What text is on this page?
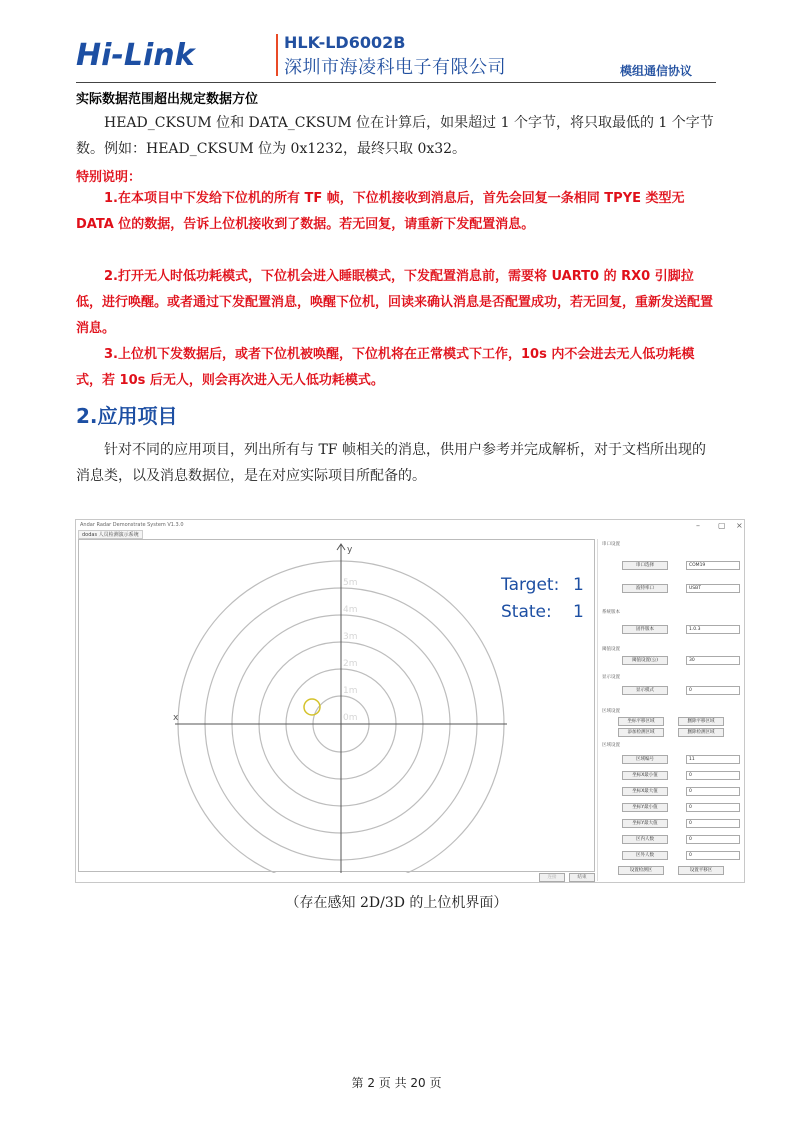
Hi-Link	HLK-LD6002B
深圳市海凌科电子有限公司	模组通信协议
实际数据范围超出规定数据方位
HEAD_CKSUM 位和 DATA_CKSUM 位在计算后，如果超过 1 个字节，将只取最低的 1 个字节数。例如：HEAD_CKSUM 位为 0x1232，最终只取 0x32。
特别说明：
1.在本项目中下发给下位机的所有 TF 帧，下位机接收到消息后，首先会回复一条相同 TPYE 类型无 DATA 位的数据，告诉上位机接收到了数据。若无回复，请重新下发配置消息。
2.打开无人时低功耗模式，下位机会进入睡眠模式，下发配置消息前，需要将 UART0 的 RX0 引脚拉低，进行唤醒。或者通过下发配置消息，唤醒下位机，回读来确认消息是否配置成功，若无回复，重新发送配置消息。
3.上位机下发数据后，或者下位机被唤醒，下位机将在正常模式下工作，10s 内不会进去无人低功耗模式，若 10s 后无人，则会再次进入无人低功耗模式。
2.应用项目
针对不同的应用项目，列出所有与 TF 帧相关的消息，供用户参考并完成解析，对于文档所出现的消息类，以及消息数据位，是在对应实际项目所配备的。
Andar Radar Demonstrate System V1.3.0	– ▢ ×
dodas 人员检测演示系统
y
x	0m
1m
2m
3m
4m
5m	Target: 1
State: 1
连接	结束
串口设置
串口选择	COM19
波特率口	USBT
系统版本
固件版本	1.0.3
阈值设置
阈值设置(公)	30
显示设置
显示模式	0
区域设置
坐标平移区域	删除平移区域
添加检测区域	删除检测区域
区域设置
区域编号	11
坐标X最小值	0
坐标X最大值	0
坐标Y最小值	0
坐标Y最大值	0
区内人数	0
区外人数	0
设置检测区	设置平移区
（存在感知 2D/3D 的上位机界面）
第 2 页 共 20 页
